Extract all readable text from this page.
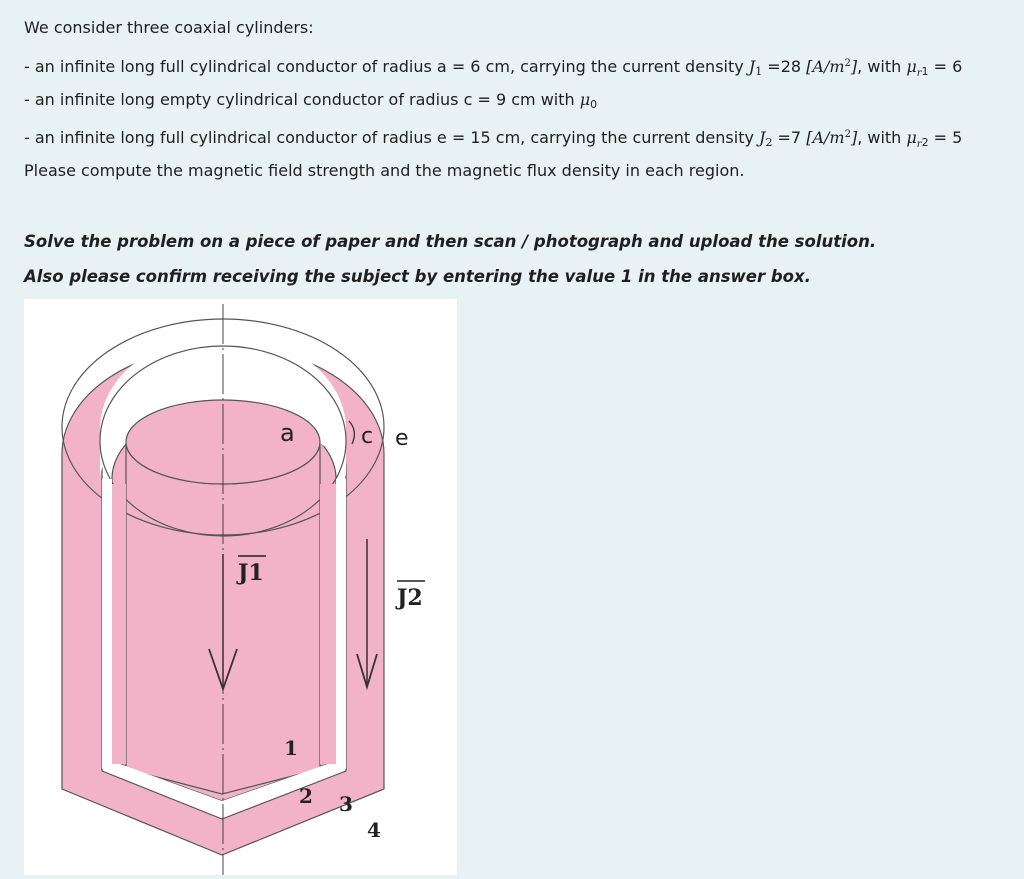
We consider three coaxial cylinders:
- an infinite long full cylindrical conductor of radius a = 6 cm, carrying the current density $J_1 =28$ $[A/m^2]$, with $\mu_{r1} = 6$
- an infinite long empty cylindrical conductor of radius c = 9 cm with $\mu_0$
- an infinite long full cylindrical conductor of radius e = 15 cm, carrying the current density $J_2 =7$ $[A/m^2]$, with $\mu_{r2} = 5$
Please compute the magnetic field strength and the magnetic flux density in each region.
Solve the problem on a piece of paper and then scan / photograph and upload the solution.
Also please confirm receiving the subject by entering the value 1 in the answer box.
a	c e
J1
J2
1
2 3
4
